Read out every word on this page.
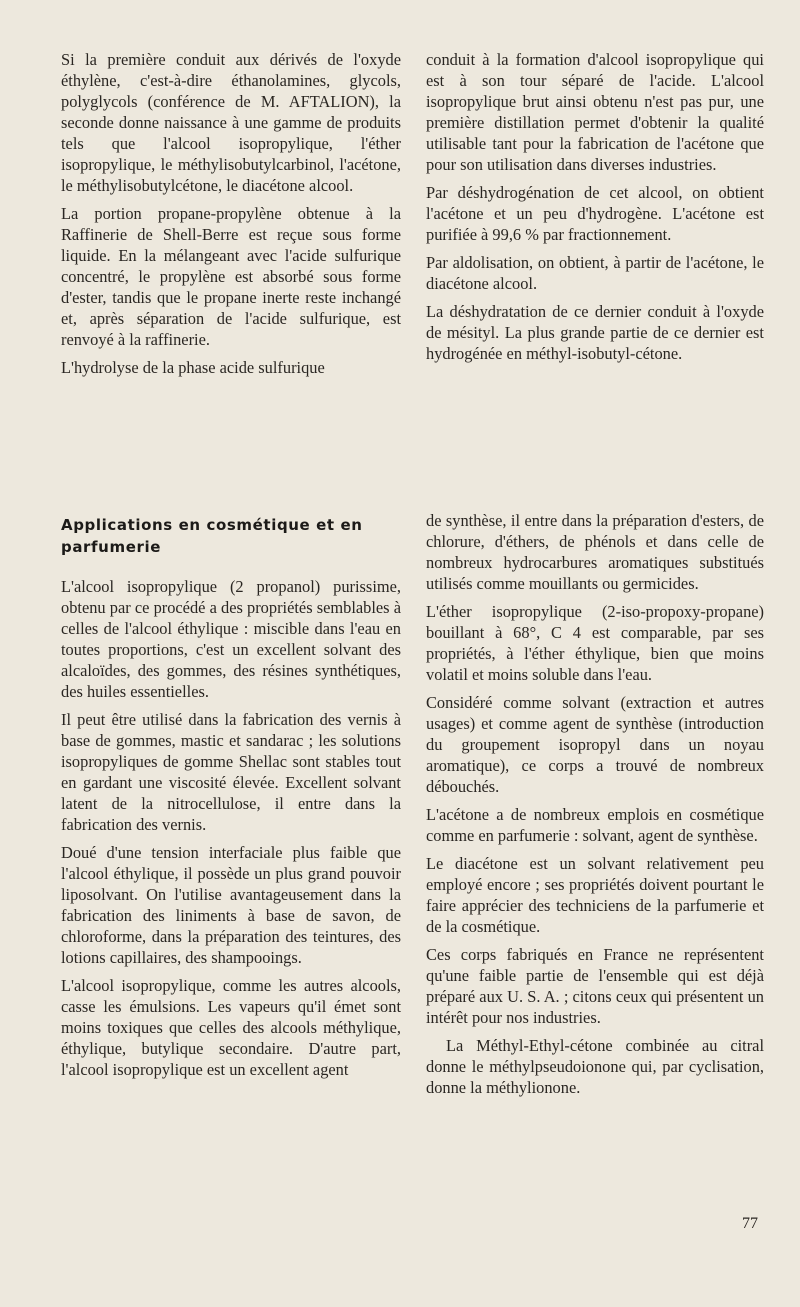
Si la première conduit aux dérivés de l'oxyde éthylène, c'est-à-dire éthanolamines, glycols, polyglycols (conférence de M. AFTALION), la seconde donne naissance à une gamme de produits tels que l'alcool isopropylique, l'éther isopropylique, le méthylisobutylcarbinol, l'acétone, le méthylisobutylcétone, le diacétone alcool.

La portion propane-propylène obtenue à la Raffinerie de Shell-Berre est reçue sous forme liquide. En la mélangeant avec l'acide sulfurique concentré, le propylène est absorbé sous forme d'ester, tandis que le propane inerte reste inchangé et, après séparation de l'acide sulfurique, est renvoyé à la raffinerie.

L'hydrolyse de la phase acide sulfurique

conduit à la formation d'alcool isopropylique qui est à son tour séparé de l'acide. L'alcool isopropylique brut ainsi obtenu n'est pas pur, une première distillation permet d'obtenir la qualité utilisable tant pour la fabrication de l'acétone que pour son utilisation dans diverses industries.

Par déshydrogénation de cet alcool, on obtient l'acétone et un peu d'hydrogène. L'acétone est purifiée à 99,6 % par fractionnement.

Par aldolisation, on obtient, à partir de l'acétone, le diacétone alcool.

La déshydratation de ce dernier conduit à l'oxyde de mésityl. La plus grande partie de ce dernier est hydrogénée en méthyl-isobutyl-cétone.

Applications en cosmétique et en parfumerie

L'alcool isopropylique (2 propanol) purissime, obtenu par ce procédé a des propriétés semblables à celles de l'alcool éthylique : miscible dans l'eau en toutes proportions, c'est un excellent solvant des alcaloïdes, des gommes, des résines synthétiques, des huiles essentielles.

Il peut être utilisé dans la fabrication des vernis à base de gommes, mastic et sandarac ; les solutions isopropyliques de gomme Shellac sont stables tout en gardant une viscosité élevée. Excellent solvant latent de la nitrocellulose, il entre dans la fabrication des vernis.

Doué d'une tension interfaciale plus faible que l'alcool éthylique, il possède un plus grand pouvoir liposolvant. On l'utilise avantageusement dans la fabrication des liniments à base de savon, de chloroforme, dans la préparation des teintures, des lotions capillaires, des shampooings.

L'alcool isopropylique, comme les autres alcools, casse les émulsions. Les vapeurs qu'il émet sont moins toxiques que celles des alcools méthylique, éthylique, butylique secondaire. D'autre part, l'alcool isopropylique est un excellent agent

de synthèse, il entre dans la préparation d'esters, de chlorure, d'éthers, de phénols et dans celle de nombreux hydrocarbures aromatiques substitués utilisés comme mouillants ou germicides.

L'éther isopropylique (2-iso-propoxy-propane) bouillant à 68°, C 4 est comparable, par ses propriétés, à l'éther éthylique, bien que moins volatil et moins soluble dans l'eau.

Considéré comme solvant (extraction et autres usages) et comme agent de synthèse (introduction du groupement isopropyl dans un noyau aromatique), ce corps a trouvé de nombreux débouchés.

L'acétone a de nombreux emplois en cosmétique comme en parfumerie : solvant, agent de synthèse.

Le diacétone est un solvant relativement peu employé encore ; ses propriétés doivent pourtant le faire apprécier des techniciens de la parfumerie et de la cosmétique.

Ces corps fabriqués en France ne représentent qu'une faible partie de l'ensemble qui est déjà préparé aux U. S. A. ; citons ceux qui présentent un intérêt pour nos industries.

La Méthyl-Ethyl-cétone combinée au citral donne le méthylpseudoionone qui, par cyclisation, donne la méthylionone.

77
